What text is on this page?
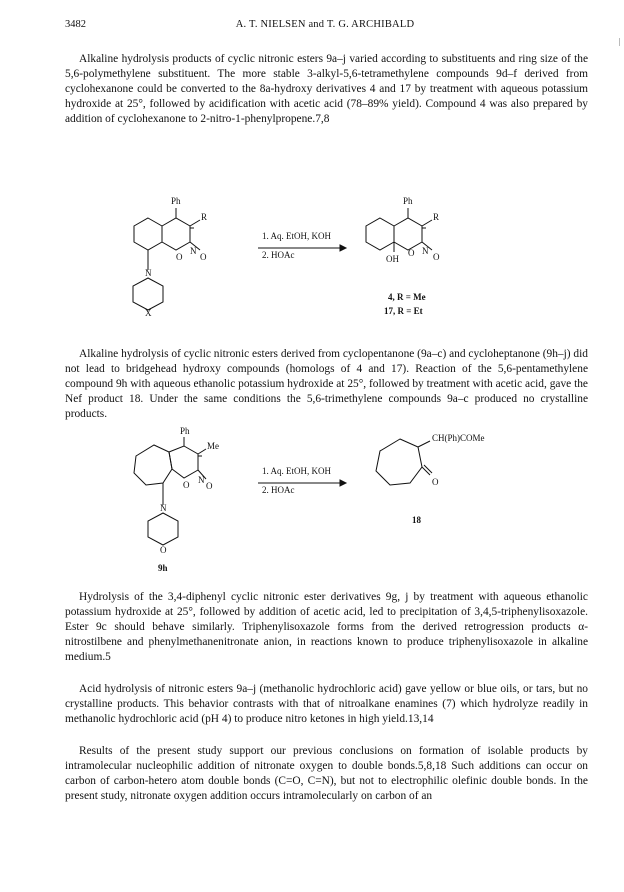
3482	A. T. NIELSEN and T. G. ARCHIBALD

Alkaline hydrolysis products of cyclic nitronic esters 9a–j varied according to substituents and ring size of the 5,6-polymethylene substituent. The more stable 3-alkyl-5,6-tetramethylene compounds 9d–f derived from cyclohexanone could be converted to the 8a-hydroxy derivatives 4 and 17 by treatment with aqueous potassium hydroxide at 25°, followed by acidification with acetic acid (78–89% yield). Compound 4 was also prepared by addition of cyclohexanone to 2-nitro-1-phenylpropene.7,8

Ph
R
O
N
O
N
X
1. Aq. EtOH, KOH
2. HOAc
Ph
R
OH
O N
O
4, R = Me
17, R = Et

Alkaline hydrolysis of cyclic nitronic esters derived from cyclopentanone (9a–c) and cycloheptanone (9h–j) did not lead to bridgehead hydroxy compounds (homologs of 4 and 17). Reaction of the 5,6-pentamethylene compound 9h with aqueous ethanolic potassium hydroxide at 25°, followed by treatment with acetic acid, gave the Nef product 18. Under the same conditions the 5,6-trimethylene compounds 9a–c produced no crystalline products.

Ph
Me
O N
O
N
O
9h
1. Aq. EtOH, KOH
2. HOAc
CH(Ph)COMe
O
18

Hydrolysis of the 3,4-diphenyl cyclic nitronic ester derivatives 9g, j by treatment with aqueous ethanolic potassium hydroxide at 25°, followed by addition of acetic acid, led to precipitation of 3,4,5-triphenylisoxazole. Ester 9c should behave similarly. Triphenylisoxazole forms from the derived retrogression products α-nitrostilbene and phenylmethanenitronate anion, in reactions known to produce triphenylisoxazole in alkaline medium.5

Acid hydrolysis of nitronic esters 9a–j (methanolic hydrochloric acid) gave yellow or blue oils, or tars, but no crystalline products. This behavior contrasts with that of nitroalkane enamines (7) which hydrolyze readily in methanolic hydrochloric acid (pH 4) to produce nitro ketones in high yield.13,14

Results of the present study support our previous conclusions on formation of isolable products by intramolecular nucleophilic addition of nitronate oxygen to double bonds.5,8,18 Such additions can occur on carbon of carbon-hetero atom double bonds (C=O, C=N), but not to electrophilic olefinic double bonds. In the present study, nitronate oxygen addition occurs intramolecularly on carbon of an
